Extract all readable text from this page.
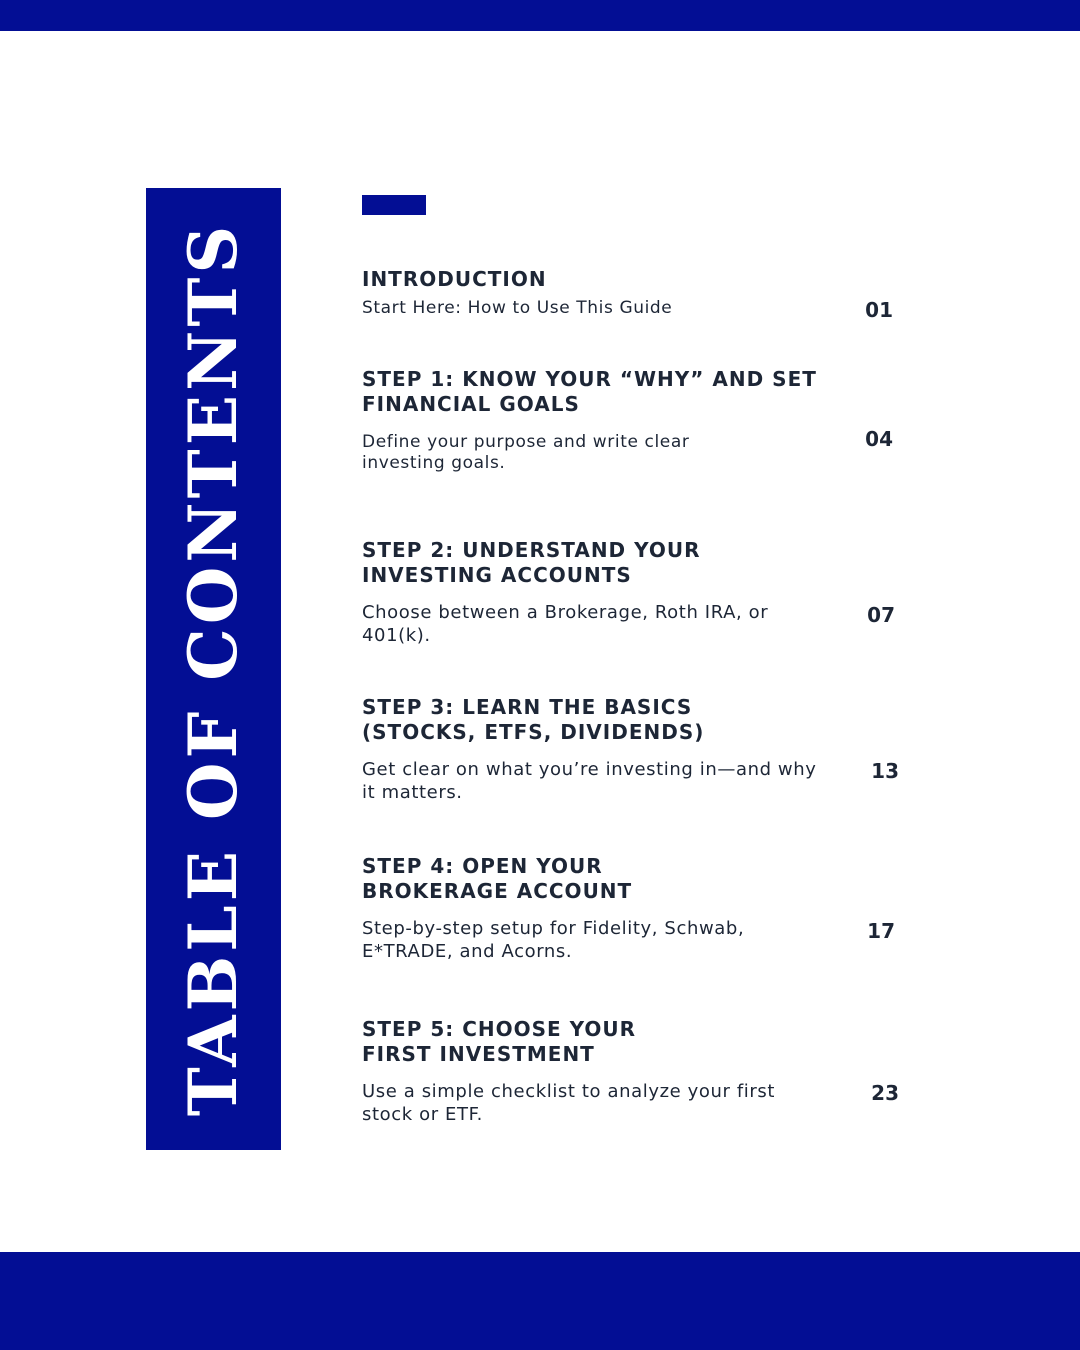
TABLE OF CONTENTS	INTRODUCTION

Start Here: How to Use This Guide	01

STEP 1: KNOW YOUR “WHY” AND SET FINANCIAL GOALS

Define your purpose and write clear investing goals.

04

STEP 2: UNDERSTAND YOUR INVESTING ACCOUNTS

Choose between a Brokerage, Roth IRA, or 401(k).

07

STEP 3: LEARN THE BASICS (STOCKS, ETFS, DIVIDENDS)

Get clear on what you’re investing in—and why it matters.

13

STEP 4: OPEN YOUR BROKERAGE ACCOUNT

Step-by-step setup for Fidelity, Schwab, E*TRADE, and Acorns.

17

STEP 5: CHOOSE YOUR FIRST INVESTMENT

Use a simple checklist to analyze your first stock or ETF.

23
